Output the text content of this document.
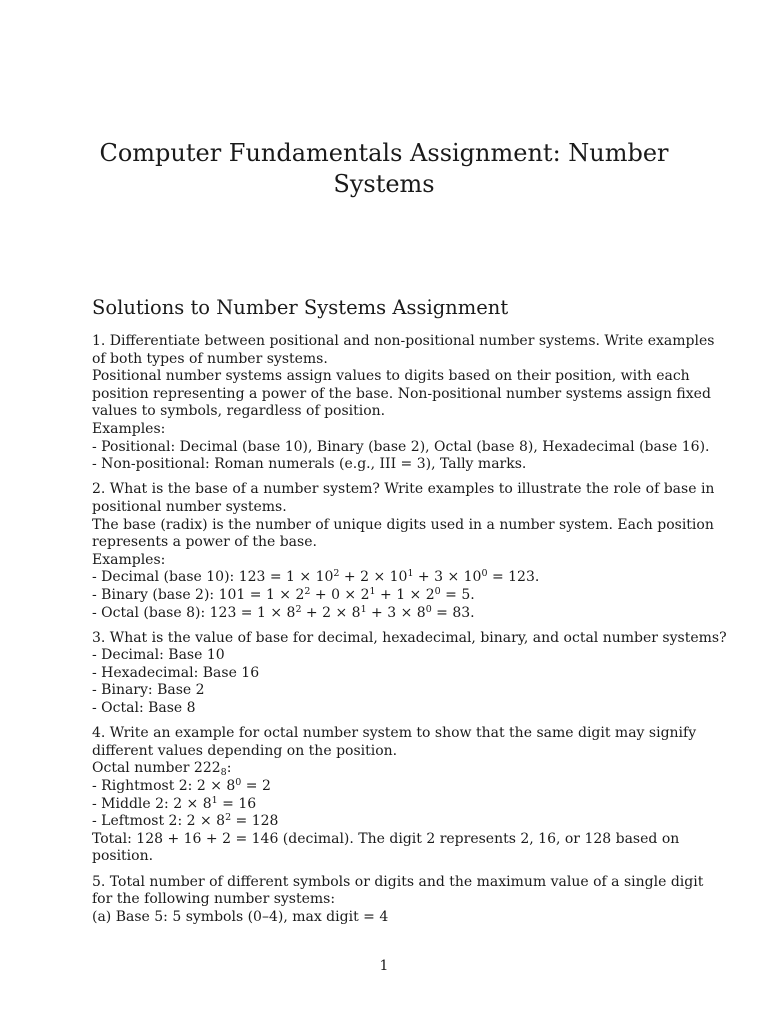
Computer Fundamentals Assignment: Number
Systems
Solutions to Number Systems Assignment
1. Differentiate between positional and non-positional number systems. Write examples
of both types of number systems.
Positional number systems assign values to digits based on their position, with each
position representing a power of the base. Non-positional number systems assign fixed
values to symbols, regardless of position.
Examples:
- Positional: Decimal (base 10), Binary (base 2), Octal (base 8), Hexadecimal (base 16).
- Non-positional: Roman numerals (e.g., III = 3), Tally marks.
2. What is the base of a number system? Write examples to illustrate the role of base in
positional number systems.
The base (radix) is the number of unique digits used in a number system. Each position
represents a power of the base.
Examples:
- Decimal (base 10): $123 = 1 \times 10^2 + 2 \times 10^1 + 3 \times 10^0 = 123$.
- Binary (base 2): $101 = 1 \times 2^2 + 0 \times 2^1 + 1 \times 2^0 = 5$.
- Octal (base 8): $123 = 1 \times 8^2 + 2 \times 8^1 + 3 \times 8^0 = 83$.
3. What is the value of base for decimal, hexadecimal, binary, and octal number systems?
- Decimal: Base 10
- Hexadecimal: Base 16
- Binary: Base 2
- Octal: Base 8
4. Write an example for octal number system to show that the same digit may signify
different values depending on the position.
Octal number $222_8$:
- Rightmost 2: $2 \times 8^0 = 2$
- Middle 2: $2 \times 8^1 = 16$
- Leftmost 2: $2 \times 8^2 = 128$
Total: 128 + 16 + 2 = 146 (decimal). The digit 2 represents 2, 16, or 128 based on
position.
5. Total number of different symbols or digits and the maximum value of a single digit
for the following number systems:
(a) Base 5: 5 symbols (0–4), max digit = 4
1
